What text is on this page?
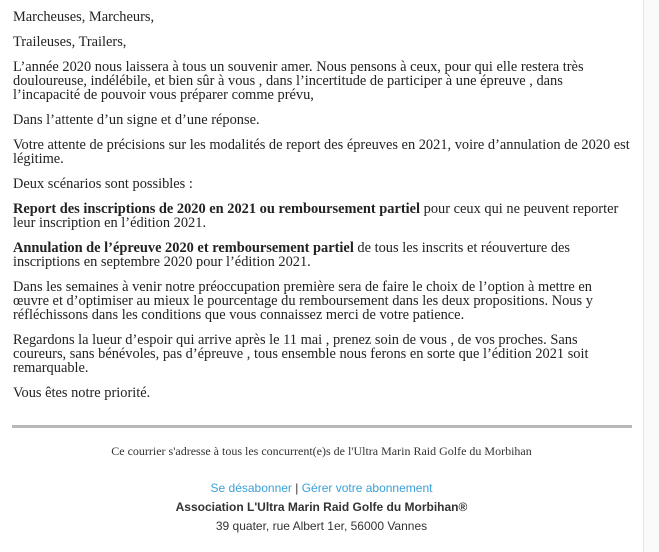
Marcheuses, Marcheurs,

Traileuses, Trailers,

L’année 2020 nous laissera à tous un souvenir amer. Nous pensons à ceux, pour qui elle restera très douloureuse, indélébile, et bien sûr à vous , dans l’incertitude de participer à une épreuve , dans l’incapacité de pouvoir vous préparer comme prévu,

Dans l’attente d’un signe et d’une réponse.

Votre attente de précisions sur les modalités de report des épreuves en 2021, voire d’annulation de 2020 est légitime.

Deux scénarios sont possibles :

Report des inscriptions de 2020 en 2021 ou remboursement partiel pour ceux qui ne peuvent reporter leur inscription en l’édition 2021.

Annulation de l’épreuve 2020 et remboursement partiel de tous les inscrits et réouverture des inscriptions en septembre 2020 pour l’édition 2021.

Dans les semaines à venir notre préoccupation première sera de faire le choix de l’option à mettre en œuvre et d’optimiser au mieux le pourcentage du remboursement dans les deux propositions. Nous y réfléchissons dans les conditions que vous connaissez merci de votre patience.

Regardons la lueur d’espoir qui arrive après le 11 mai , prenez soin de vous , de vos proches. Sans coureurs, sans bénévoles, pas d’épreuve , tous ensemble nous ferons en sorte que l’édition 2021 soit remarquable.

Vous êtes notre priorité.

Ce courrier s'adresse à tous les concurrent(e)s de l'Ultra Marin Raid Golfe du Morbihan
Se désabonner | Gérer votre abonnement
Association L'Ultra Marin Raid Golfe du Morbihan®
39 quater, rue Albert 1er, 56000 Vannes
